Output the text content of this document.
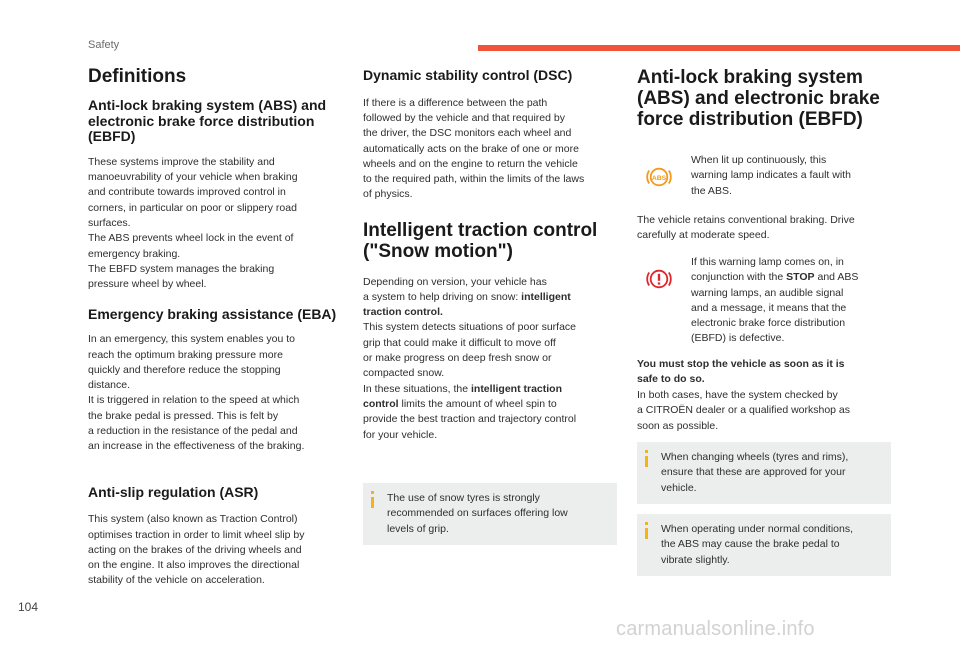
Safety
Definitions
Anti-lock braking system (ABS) and electronic brake force distribution (EBFD)

These systems improve the stability and
manoeuvrability of your vehicle when braking
and contribute towards improved control in
corners, in particular on poor or slippery road
surfaces.
The ABS prevents wheel lock in the event of
emergency braking.
The EBFD system manages the braking
pressure wheel by wheel.

Emergency braking assistance (EBA)

In an emergency, this system enables you to
reach the optimum braking pressure more
quickly and therefore reduce the stopping
distance.
It is triggered in relation to the speed at which
the brake pedal is pressed. This is felt by
a reduction in the resistance of the pedal and
an increase in the effectiveness of the braking.

Anti-slip regulation (ASR)

This system (also known as Traction Control)
optimises traction in order to limit wheel slip by
acting on the brakes of the driving wheels and
on the engine. It also improves the directional
stability of the vehicle on acceleration.

Dynamic stability control (DSC)

If there is a difference between the path
followed by the vehicle and that required by
the driver, the DSC monitors each wheel and
automatically acts on the brake of one or more
wheels and on the engine to return the vehicle
to the required path, within the limits of the laws
of physics.

Intelligent traction control ("Snow motion")

Depending on version, your vehicle has
a system to help driving on snow: intelligent
traction control.

This system detects situations of poor surface
grip that could make it difficult to move off
or make progress on deep fresh snow or
compacted snow.

In these situations, the intelligent traction
control limits the amount of wheel spin to
provide the best traction and trajectory control
for your vehicle.

The use of snow tyres is strongly
recommended on surfaces offering low
levels of grip.

Anti-lock braking system (ABS) and electronic brake force distribution (EBFD)
ABS

When lit up continuously, this
warning lamp indicates a fault with
the ABS.

The vehicle retains conventional braking. Drive
carefully at moderate speed.

If this warning lamp comes on, in
conjunction with the STOP and ABS
warning lamps, an audible signal
and a message, it means that the
electronic brake force distribution
(EBFD) is defective.

You must stop the vehicle as soon as it is
safe to do so.

In both cases, have the system checked by
a CITROËN dealer or a qualified workshop as
soon as possible.

When changing wheels (tyres and rims),
ensure that these are approved for your
vehicle.

When operating under normal conditions,
the ABS may cause the brake pedal to
vibrate slightly.

104
carmanualsonline.info
